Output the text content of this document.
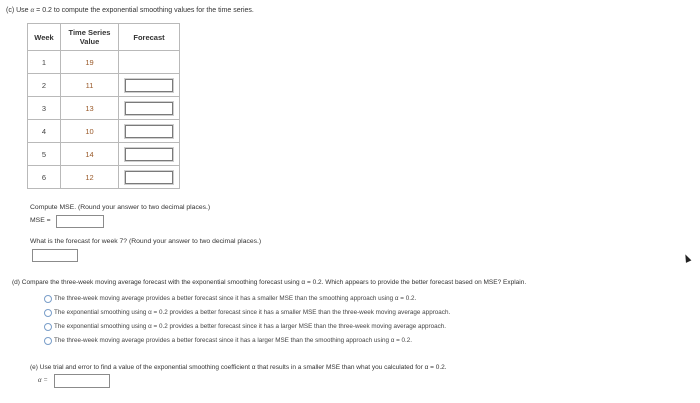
(c) Use α = 0.2 to compute the exponential smoothing values for the time series.
Week	Time Series Value	Forecast
1	19	
2	11	
3	13	
4	10	
5	14	
6	12	
Compute MSE. (Round your answer to two decimal places.)
MSE =
What is the forecast for week 7? (Round your answer to two decimal places.)
(d) Compare the three-week moving average forecast with the exponential smoothing forecast using α = 0.2. Which appears to provide the better forecast based on MSE? Explain.
The three-week moving average provides a better forecast since it has a smaller MSE than the smoothing approach using α = 0.2.
The exponential smoothing using α = 0.2 provides a better forecast since it has a smaller MSE than the three-week moving average approach.
The exponential smoothing using α = 0.2 provides a better forecast since it has a larger MSE than the three-week moving average approach.
The three-week moving average provides a better forecast since it has a larger MSE than the smoothing approach using α = 0.2.
(e) Use trial and error to find a value of the exponential smoothing coefficient α that results in a smaller MSE than what you calculated for α = 0.2.
α =
